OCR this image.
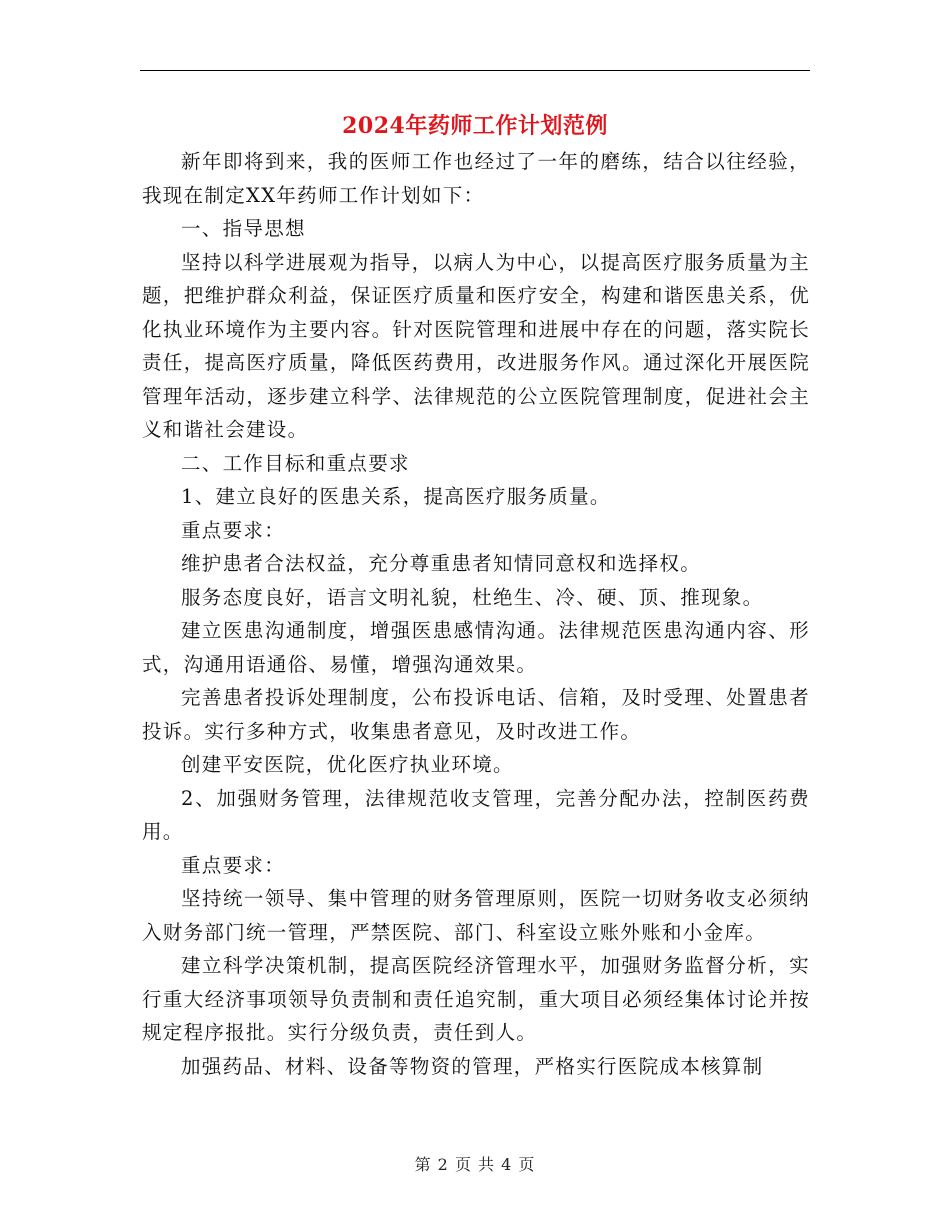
2024年药师工作计划范例

新年即将到来，我的医师工作也经过了一年的磨练，结合以往经验，我现在制定XX年药师工作计划如下：

一、指导思想

坚持以科学进展观为指导，以病人为中心，以提高医疗服务质量为主题，把维护群众利益，保证医疗质量和医疗安全，构建和谐医患关系，优化执业环境作为主要内容。针对医院管理和进展中存在的问题，落实院长责任，提高医疗质量，降低医药费用，改进服务作风。通过深化开展医院管理年活动，逐步建立科学、法律规范的公立医院管理制度，促进社会主义和谐社会建设。

二、工作目标和重点要求

1、建立良好的医患关系，提高医疗服务质量。

重点要求：

维护患者合法权益，充分尊重患者知情同意权和选择权。

服务态度良好，语言文明礼貌，杜绝生、冷、硬、顶、推现象。

建立医患沟通制度，增强医患感情沟通。法律规范医患沟通内容、形式，沟通用语通俗、易懂，增强沟通效果。

完善患者投诉处理制度，公布投诉电话、信箱，及时受理、处置患者投诉。实行多种方式，收集患者意见，及时改进工作。

创建平安医院，优化医疗执业环境。

2、加强财务管理，法律规范收支管理，完善分配办法，控制医药费用。

重点要求：

坚持统一领导、集中管理的财务管理原则，医院一切财务收支必须纳入财务部门统一管理，严禁医院、部门、科室设立账外账和小金库。

建立科学决策机制，提高医院经济管理水平，加强财务监督分析，实行重大经济事项领导负责制和责任追究制，重大项目必须经集体讨论并按规定程序报批。实行分级负责，责任到人。

加强药品、材料、设备等物资的管理，严格实行医院成本核算制

第 2 页 共 4 页
